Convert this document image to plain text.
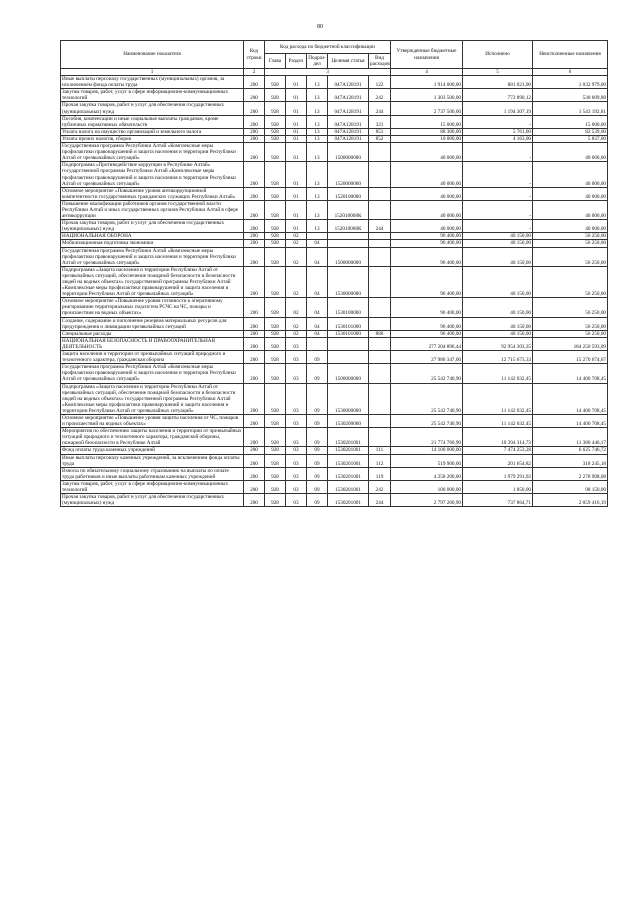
80
Наименование показателя	Код строки	Код расхода по бюджетной классификации					Утвержденные бюджетные назначения	Исполнено	Неисполненные назначения
		Глава	Раздел	Подраз-дел	Целевая статья	Вид расходов			
1	2	3					4	5	6
Иные выплаты персоналу государственных (муниципальных) органов, за исключением фонда оплаты труда	200	928	01	13	047А128191	122	1 914 000,00	881 021,00	1 032 979,00
Закупка товаров, работ, услуг в сфере информационно-коммуникационных технологий	200	928	01	13	047А128191	242	1 303 500,00	772 890,12	530 609,88
Прочая закупка товаров, работ и услуг для обеспечения государственных (муниципальных) нужд	200	928	01	13	047А128191	244	2 737 500,00	1 194 307,19	1 543 192,81
Пособия, компенсации и иные социальные выплаты гражданам, кроме публичных нормативных обязательств	200	928	01	13	047А128191	321	15 000,00	-	15 000,00
Уплата налога на имущество организаций и земельного налога	200	928	01	13	047А128191	851	88 300,00	5 761,00	82 539,00
Уплата прочих налогов, сборов	200	928	01	13	047А128191	852	10 000,00	4 163,00	5 837,00
Государственная программа Республики Алтай «Комплексные меры профилактики правонарушений и защита населения и территории Республики Алтай от чрезвычайных ситуаций»	200	928	01	13	1500000000		40 000,00	-	40 000,00
Подпрограмма «Противодействие коррупции в Республике Алтай» государственной программы Республики Алтай «Комплексные меры профилактики правонарушений и защита населения и территории Республики Алтай от чрезвычайных ситуаций»	200	928	01	13	1520000000		40 000,00	-	40 000,00
Основное мероприятие «Повышение уровня антикоррупционной компетентности государственных гражданских служащих Республики Алтай»	200	928	01	13	1520100000		40 000,00	-	40 000,00
Повышение квалификации работников органов государственной власти Республики Алтай и иных государственных органов Республики Алтай в сфере антикоррупции	200	928	01	13	152010008К		40 000,00	-	40 000,00
Прочая закупка товаров, работ и услуг для обеспечения государственных (муниципальных) нужд	200	928	01	13	152010008К	244	40 000,00	-	40 000,00
НАЦИОНАЛЬНАЯ ОБОРОНА	200	928	02				96 400,00	40 150,00	56 250,00
Мобилизационная подготовка экономики	200	928	02	04			96 400,00	40 150,00	56 250,00
Государственная программа Республики Алтай «Комплексные меры профилактики правонарушений и защита населения и территории Республики Алтай от чрезвычайных ситуаций»	200	928	02	04	1500000000		96 400,00	40 150,00	56 250,00
Подпрограмма «Защита населения и территории Республики Алтай от чрезвычайных ситуаций, обеспечение пожарной безопасности и безопасности людей на водных объектах» государственной программы Республики Алтай «Комплексные меры профилактики правонарушений и защита населения и территории Республики Алтай от чрезвычайных ситуаций»	200	928	02	04	1530000000		96 400,00	40 150,00	56 250,00
Основное мероприятие «Повышение уровня готовности к оперативному реагированию территориальных подсистем РСЧС на ЧС, пожары и происшествия на водных объектах»	200	928	02	04	1530100000		96 400,00	40 150,00	56 250,00
Создание, содержание и пополнение резервов материальных ресурсов для предупреждения и ликвидации чрезвычайных ситуаций	200	928	02	04	1530101000		96 400,00	40 150,00	56 250,00
Специальные расходы	200	928	02	04	1530101000	880	96 400,00	40 150,00	56 250,00
НАЦИОНАЛЬНАЯ БЕЗОПАСНОСТЬ И ПРАВООХРАНИТЕЛЬНАЯ ДЕЯТЕЛЬНОСТЬ	200	928	03				277 204 896,44	92 954 303,35	184 250 593,09
Защита населения и территории от чрезвычайных ситуаций природного и техногенного характера, гражданская оборона	200	928	03	09			27 986 347,00	12 715 673,33	15 270 674,67
Государственная программа Республики Алтай «Комплексные меры профилактики правонарушений и защита населения и территории Республики Алтай от чрезвычайных ситуаций»	200	928	03	09	1500000000		25 542 740,90	11 142 032,45	14 400 708,45
Подпрограмма «Защита населения и территории Республики Алтай от чрезвычайных ситуаций, обеспечение пожарной безопасности и безопасности людей на водных объектах» государственной программы Республики Алтай «Комплексные меры профилактики правонарушений и защита населения и территории Республики Алтай от чрезвычайных ситуаций»	200	928	03	09	1530000000		25 542 740,90	11 142 032,45	14 400 708,45
Основное мероприятие «Повышение уровня защиты населения от ЧС, пожаров и происшествий на водных объектах»	200	928	03	09	1530200000		25 542 740,90	11 142 032,45	14 400 708,45
Мероприятия по обеспечению защиты населения и территории от чрезвычайных ситуаций природного и техногенного характера, гражданской обороны, пожарной безопасности в Республике Алтай	200	928	03	09	1530201001		21 774 760,90	10 394 314,73	11 380 446,17
Фонд оплаты труда казенных учреждений	200	928	03	09	1530201001	111	14 100 000,00	7 474 253,28	6 625 746,72
Иные выплаты персоналу казенных учреждений, за исключением фонда оплаты труда	200	928	03	09	1530201001	112	519 900,00	201 654,82	318 245,18
Взносы по обязательному социальному страхованию на выплаты по оплате труда работников и иные выплаты работникам казенных учреждений	200	928	03	09	1530201001	119	4 258 200,00	1 979 291,92	2 278 908,08
Закупка товаров, работ, услуг в сфере информационно-коммуникационных технологий	200	928	03	09	1530201001	242	100 000,00	1 850,00	98 150,00
Прочая закупка товаров, работ и услуг для обеспечения государственных (муниципальных) нужд	200	928	03	09	1530201001	244	2 797 260,90	737 864,71	2 059 416,19
